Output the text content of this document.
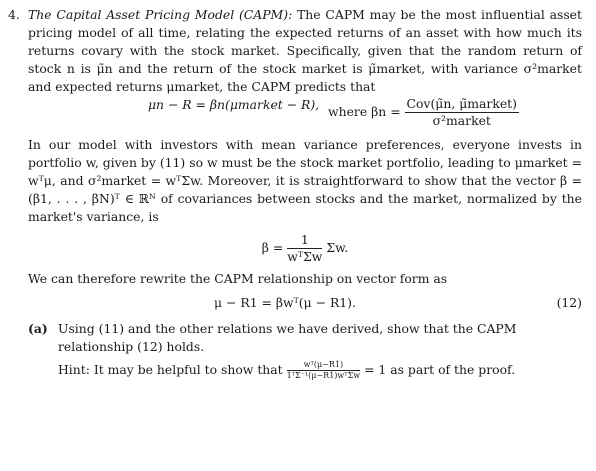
4. The Capital Asset Pricing Model (CAPM): The CAPM may be the most influential asset pricing model of all time, relating the expected returns of an asset with how much its returns covary with the stock market. Specifically, given that the random return of stock n is μ̃n and the return of the stock market is μ̃market, with variance σ²market and expected returns μmarket, the CAPM predicts that
μn − R = βn(μmarket − R), where $\beta n = \frac{\text{Cov(μ̃n, μ̃market)}}{\text{σ²market}}$
In our model with investors with mean variance preferences, everyone invests in portfolio w, given by (11) so w must be the stock market portfolio, leading to μmarket = wᵀμ, and σ²market = wᵀΣw. Moreover, it is straightforward to show that the vector β = (β1, . . . , βN)ᵀ ∈ ℝᴺ of covariances between stocks and the market, normalized by the market's variance, is
$\beta = \frac{1}{\text{wᵀΣw}} \Sigma w$.
We can therefore rewrite the CAPM relationship on vector form as
μ − R1 = βwᵀ(μ − R1).	(12)
(a) Using (11) and the other relations we have derived, show that the CAPM relationship (12) holds.
Hint: It may be helpful to show that $\frac{\text{wᵀ(μ−R1)}}{\text{1ᵀΣ⁻¹(μ−R1)wᵀΣw}} = 1$ as part of the proof.
